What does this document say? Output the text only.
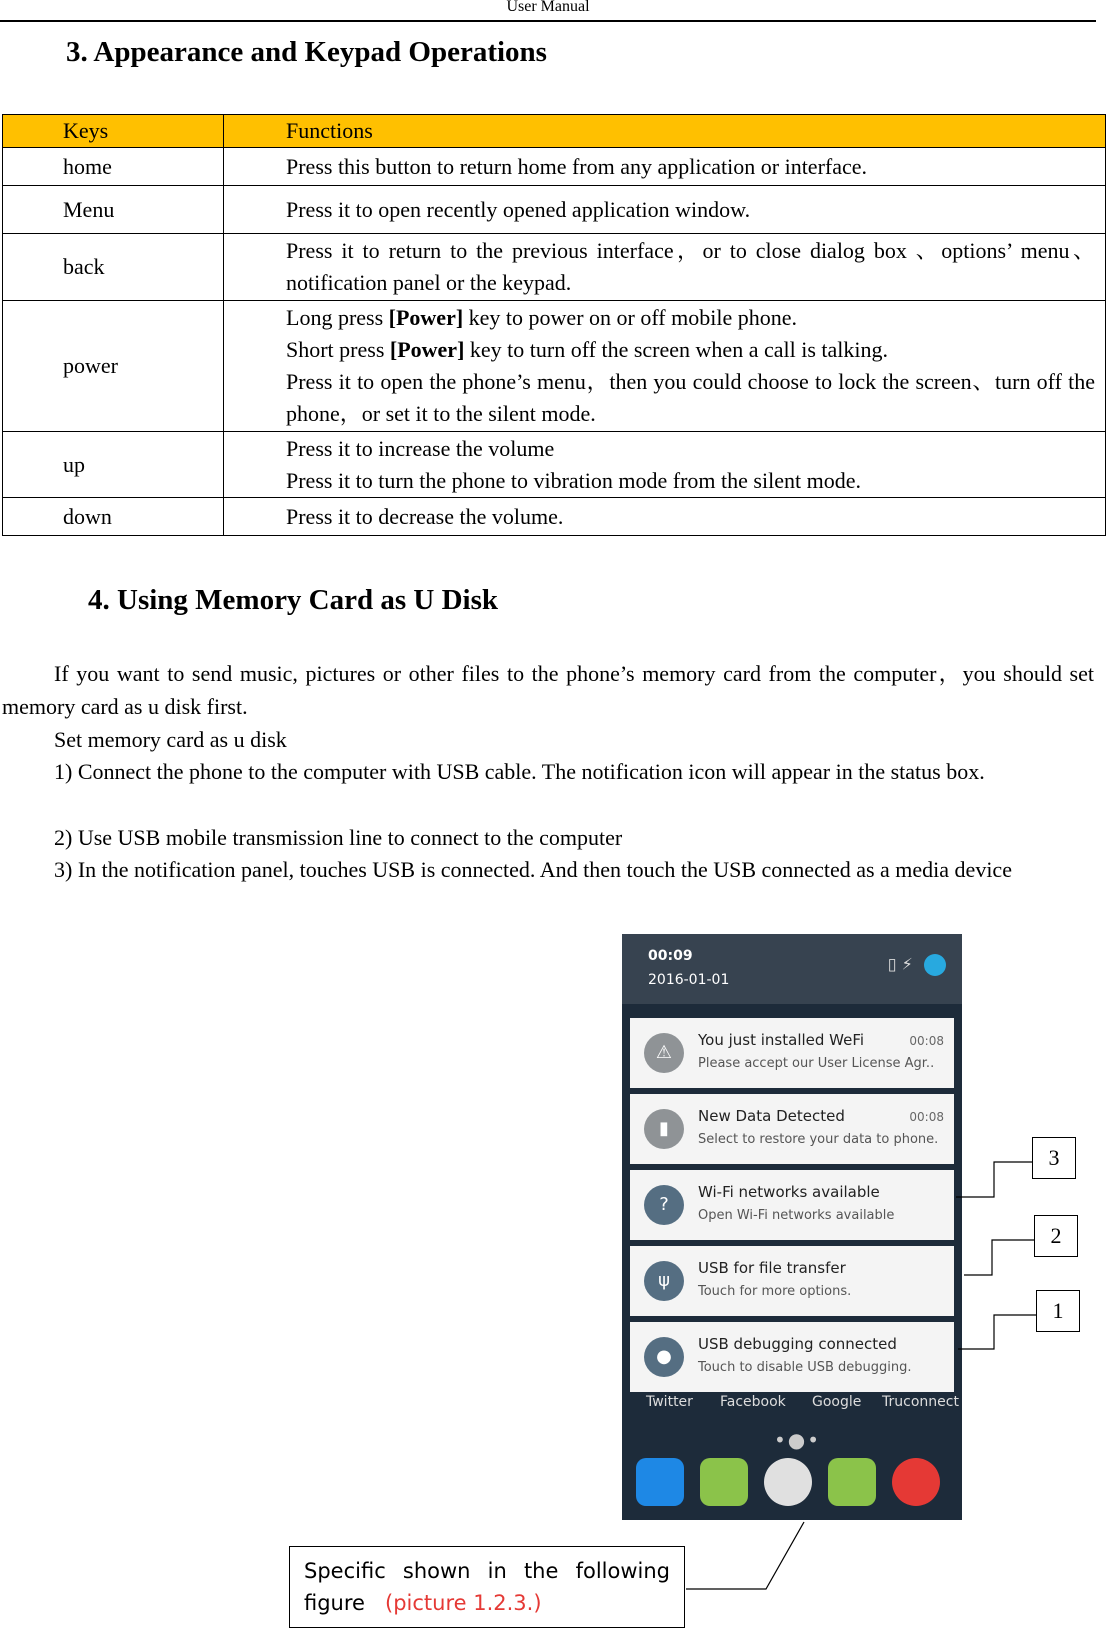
User Manual
3. Appearance and Keypad Operations
Keys	Functions
home	Press this button to return home from any application or interface.
Menu	Press it to open recently opened application window.
back	Press it to return to the previous interface，or to close dialog box 、options’ menu、notification panel or the keypad.
power	Long press [Power] key to power on or off mobile phone.
Short press [Power] key to turn off the screen when a call is talking.
Press it to open the phone’s menu，then you could choose to lock the screen、turn off the phone，or set it to the silent mode.

up	Press it to increase the volume
Press it to turn the phone to vibration mode from the silent mode.

down	Press it to decrease the volume.
4. Using Memory Card as U Disk
If you want to send music, pictures or other files to the phone’s memory card from the computer，you should set memory card as u disk first.
Set memory card as u disk
1) Connect the phone to the computer with USB cable. The notification icon will appear in the status box.
2) Use USB mobile transmission line to connect to the computer
3) In the notification panel, touches USB is connected. And then touch the USB connected as a media device
00:09
2016-01-01
▯ ⚡
⚠
You just installed WeFi
Please accept our User License Agr..
00:08
▮
New Data Detected
Select to restore your data to phone.
00:08
?
Wi-Fi networks available
Open Wi-Fi networks available
ψ
USB for file transfer
Touch for more options.
●
USB debugging connected
Touch to disable USB debugging.
Twitter Facebook Google Truconnect
•●•
3
2
1
Specific shown in the following
figure (picture 1.2.3.)
